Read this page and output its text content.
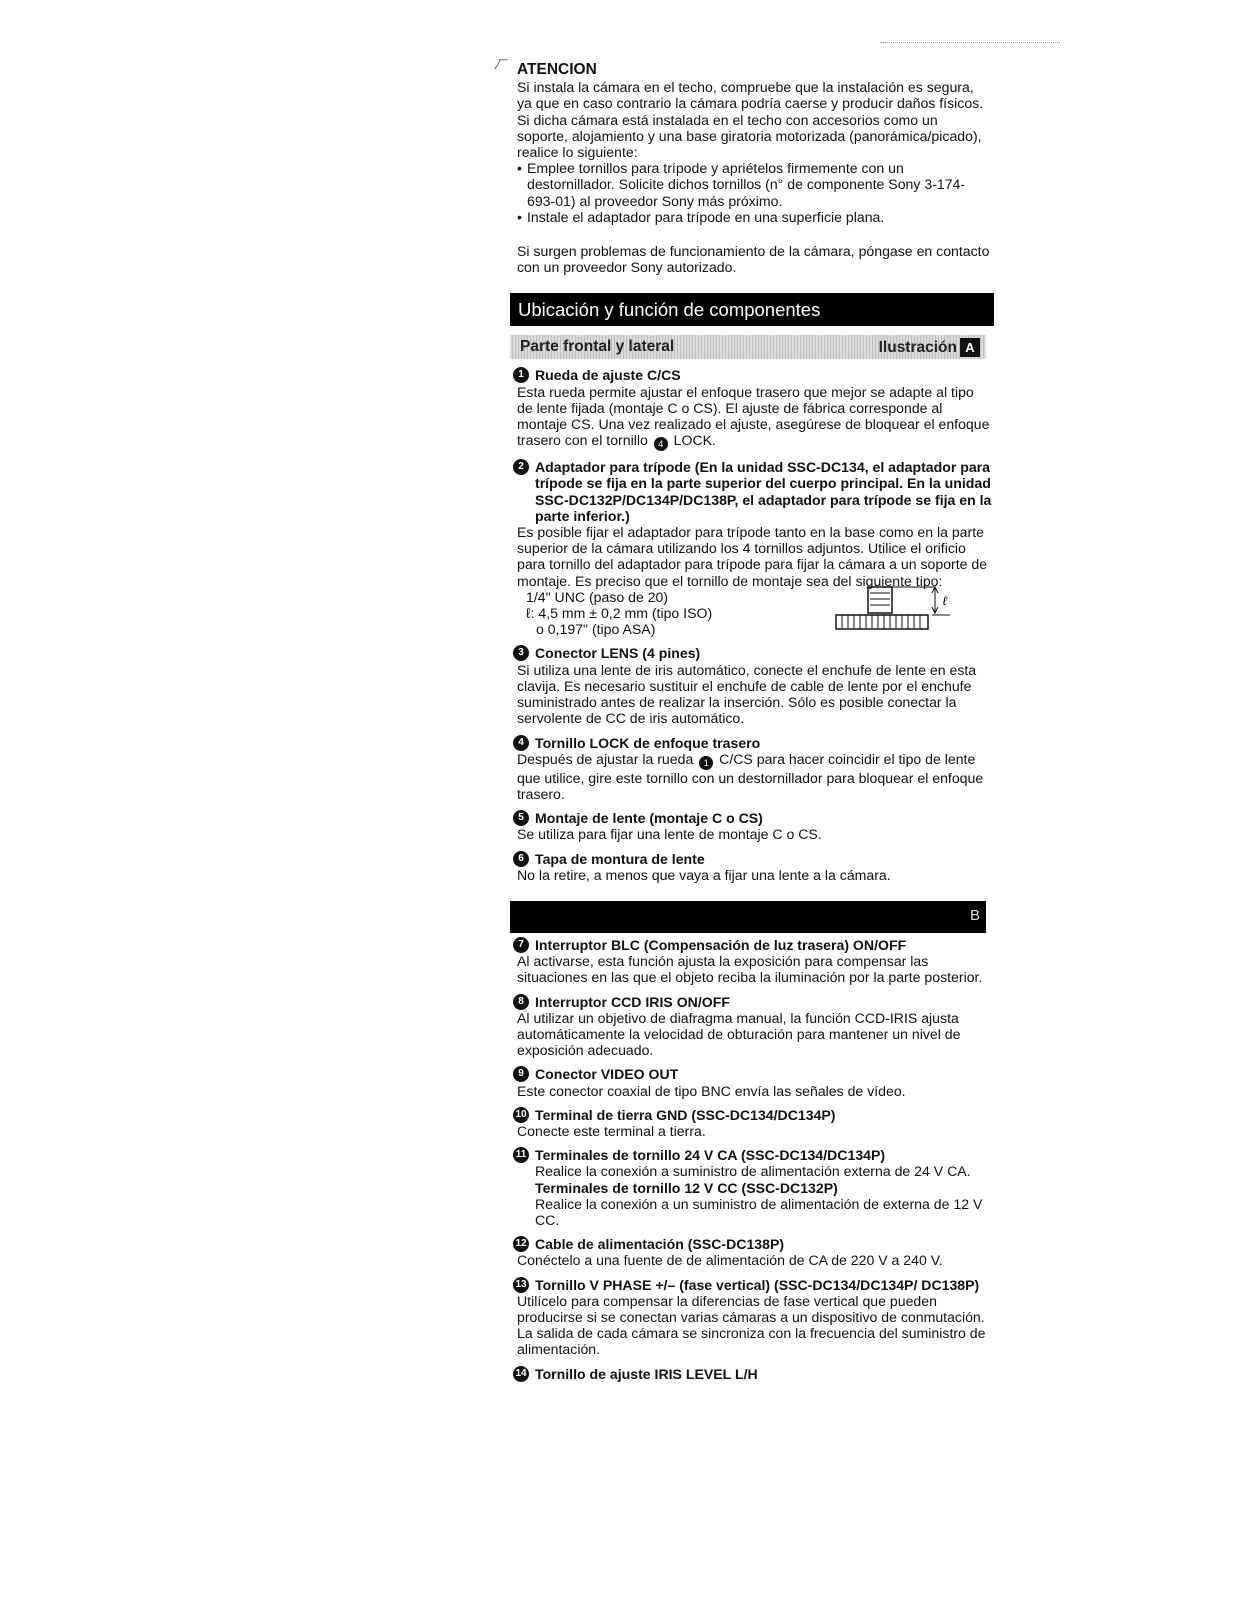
⁄‾‾ ATENCION

Si instala la cámara en el techo, compruebe que la instalación es segura, ya que en caso contrario la cámara podría caerse y producir daños físicos. Si dicha cámara está instalada en el techo con accesorios como un soporte, alojamiento y una base giratoria motorizada (panorámica/picado), realice lo siguiente:

• Emplee tornillos para trípode y apriételos firmemente con un destornillador. Solicite dichos tornillos (n° de componente Sony 3-174-693-01) al proveedor Sony más próximo.
• Instale el adaptador para trípode en una superficie plana.

Si surgen problemas de funcionamiento de la cámara, póngase en contacto con un proveedor Sony autorizado.

Ubicación y función de componentes
Parte frontal y lateral	Ilustración A
1 Rueda de ajuste C/CS

Esta rueda permite ajustar el enfoque trasero que mejor se adapte al tipo de lente fijada (montaje C o CS). El ajuste de fábrica corresponde al montaje CS. Una vez realizado el ajuste, asegúrese de bloquear el enfoque trasero con el tornillo 4 LOCK.

2 Adaptador para trípode (En la unidad SSC-DC134, el adaptador para trípode se fija en la parte superior del cuerpo principal. En la unidad SSC-DC132P/DC134P/DC138P, el adaptador para trípode se fija en la parte inferior.)

Es posible fijar el adaptador para trípode tanto en la base como en la parte superior de la cámara utilizando los 4 tornillos adjuntos. Utilice el orificio para tornillo del adaptador para trípode para fijar la cámara a un soporte de montaje. Es preciso que el tornillo de montaje sea del siguiente tipo:

1/4" UNC (paso de 20)
ℓ: 4,5 mm ± 0,2 mm (tipo ISO)
o 0,197" (tipo ASA)
ℓ
3 Conector LENS (4 pines)

Si utiliza una lente de iris automático, conecte el enchufe de lente en esta clavija. Es necesario sustituir el enchufe de cable de lente por el enchufe suministrado antes de realizar la inserción. Sólo es posible conectar la servolente de CC de iris automático.

4 Tornillo LOCK de enfoque trasero

Después de ajustar la rueda 1 C/CS para hacer coincidir el tipo de lente que utilice, gire este tornillo con un destornillador para bloquear el enfoque trasero.

5 Montaje de lente (montaje C o CS)

Se utiliza para fijar una lente de montaje C o CS.

6 Tapa de montura de lente

No la retire, a menos que vaya a fijar una lente a la cámara.

B
7 Interruptor BLC (Compensación de luz trasera) ON/OFF

Al activarse, esta función ajusta la exposición para compensar las situaciones en las que el objeto reciba la iluminación por la parte posterior.

8 Interruptor CCD IRIS ON/OFF

Al utilizar un objetivo de diafragma manual, la función CCD-IRIS ajusta automáticamente la velocidad de obturación para mantener un nivel de exposición adecuado.

9 Conector VIDEO OUT

Este conector coaxial de tipo BNC envía las señales de vídeo.

10 Terminal de tierra GND (SSC-DC134/DC134P)

Conecte este terminal a tierra.

11 Terminales de tornillo 24 V CA (SSC-DC134/DC134P)

Realice la conexión a suministro de alimentación externa de 24 V CA.

Terminales de tornillo 12 V CC (SSC-DC132P)

Realice la conexión a un suministro de alimentación de externa de 12 V CC.

12 Cable de alimentación (SSC-DC138P)

Conéctelo a una fuente de de alimentación de CA de 220 V a 240 V.

13 Tornillo V PHASE +/– (fase vertical) (SSC-DC134/DC134P/ DC138P)

Utilícelo para compensar la diferencias de fase vertical que pueden producirse si se conectan varias cámaras a un dispositivo de conmutación.

La salida de cada cámara se sincroniza con la frecuencia del suministro de alimentación.

14 Tornillo de ajuste IRIS LEVEL L/H
